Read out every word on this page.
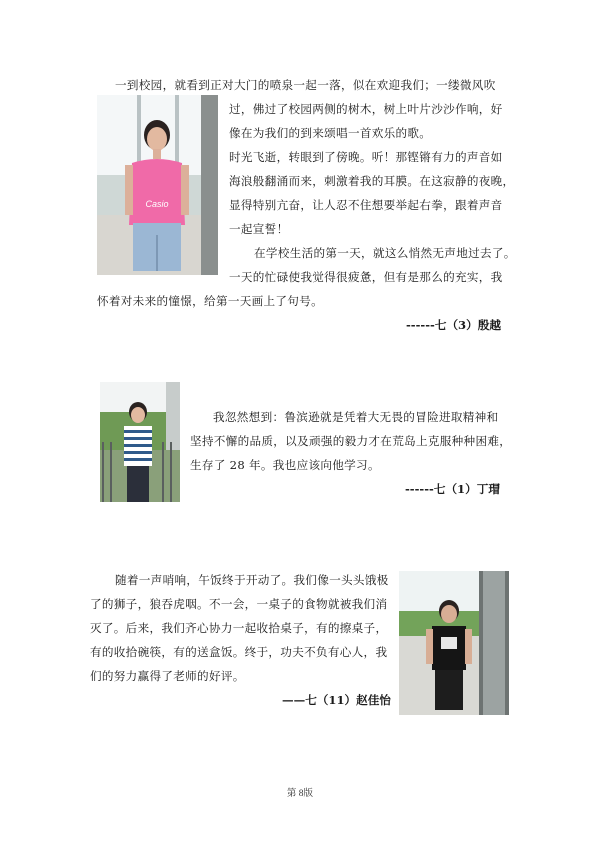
Casio
一到校园，就看到正对大门的喷泉一起一落，似在欢迎我们；一缕微风吹
过，佛过了校园两侧的树木，树上叶片沙沙作响，好
像在为我们的到来颂唱一首欢乐的歌。
时光飞逝，转眼到了傍晚。听！那铿锵有力的声音如
海浪般翻涌而来，刺激着我的耳膜。在这寂静的夜晚，
显得特别亢奋，让人忍不住想要举起右拳，跟着声音
一起宣誓！
在学校生活的第一天，就这么悄然无声地过去了。
一天的忙碌使我觉得很疲惫，但有是那么的充实，我
怀着对未来的憧憬，给第一天画上了句号。
------七（3）殷越
我忽然想到：鲁滨逊就是凭着大无畏的冒险进取精神和
坚持不懈的品质，以及顽强的毅力才在荒岛上克服种种困难，
生存了 28 年。我也应该向他学习。
------七（1）丁瑁
随着一声哨响，午饭终于开动了。我们像一头头饿极
了的狮子，狼吞虎咽。不一会，一桌子的食物就被我们消
灭了。后来，我们齐心协力一起收拾桌子，有的擦桌子，
有的收拾碗筷，有的送盒饭。终于，功夫不负有心人，我
们的努力赢得了老师的好评。
——七（11）赵佳怡
第 8版
